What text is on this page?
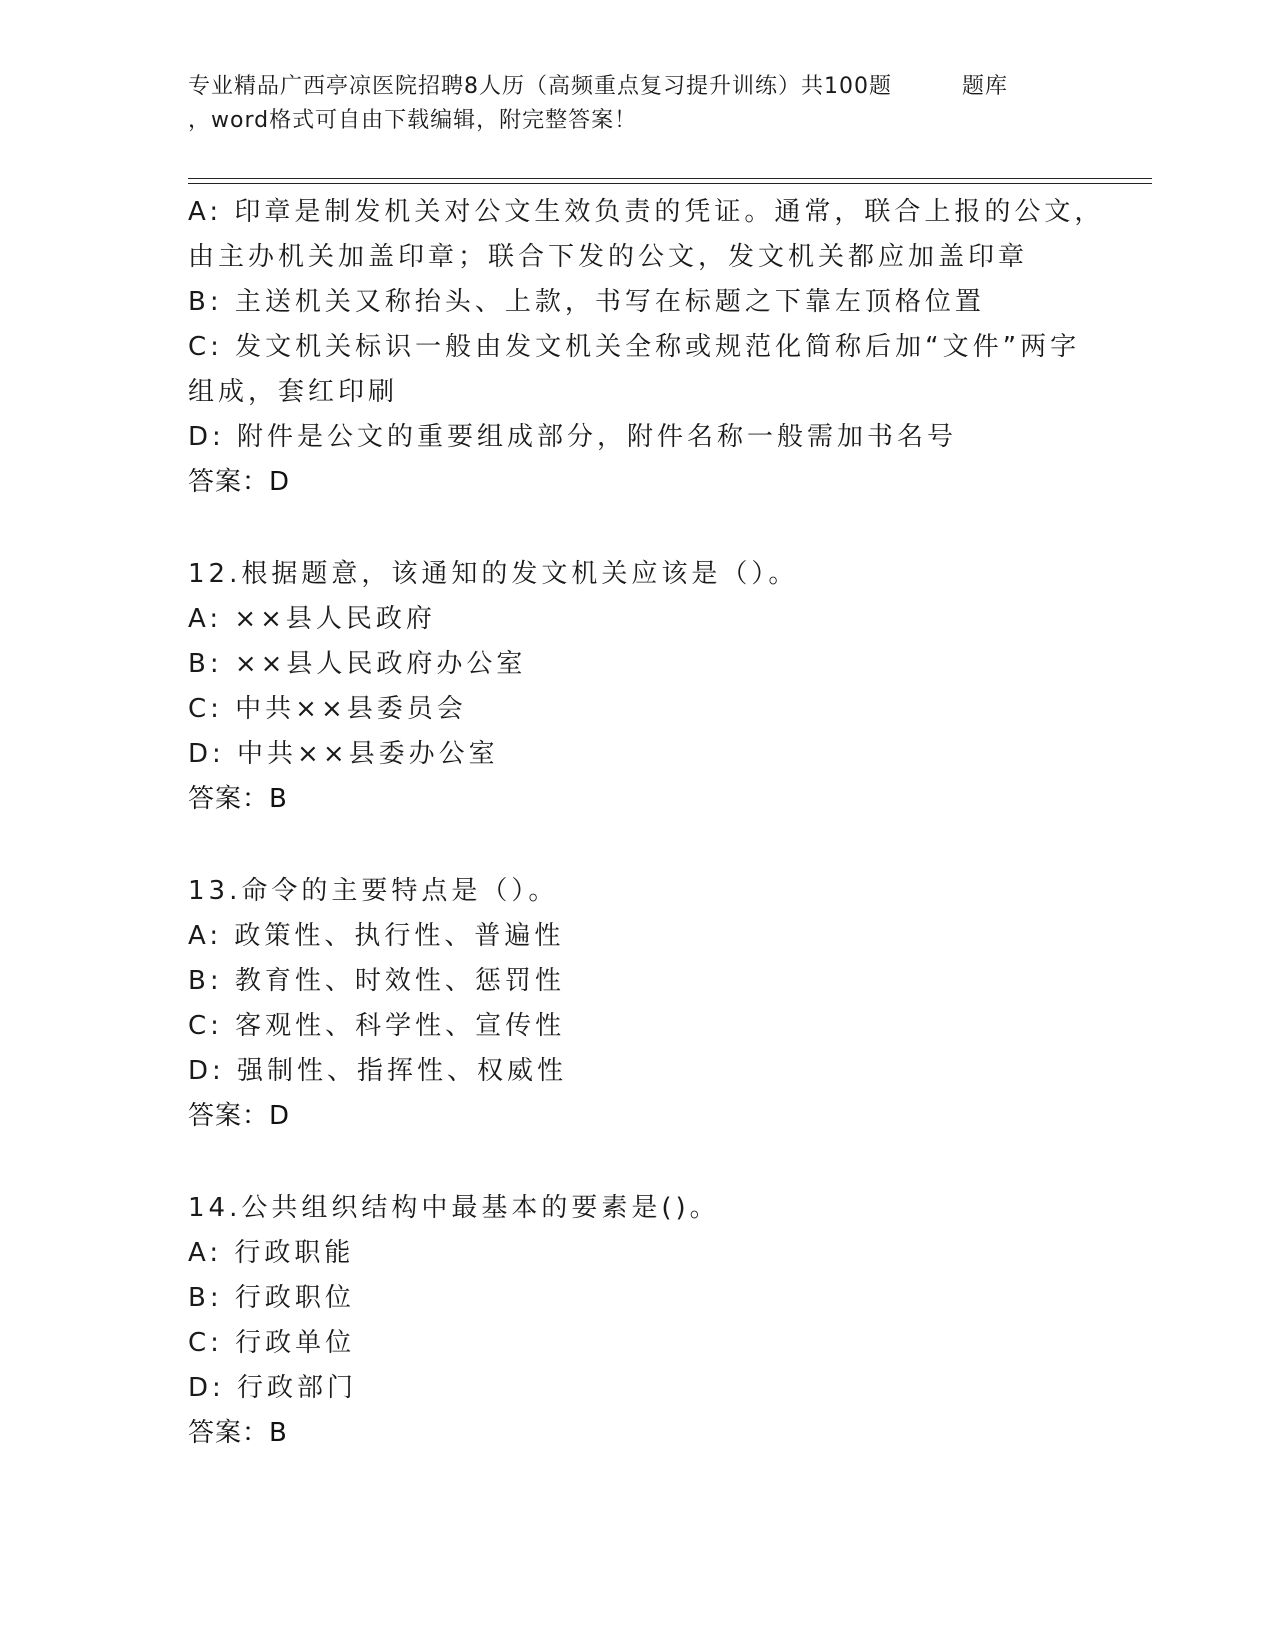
专业精品广西亭凉医院招聘8人历（高频重点复习提升训练）共100题	题库
，word格式可自由下载编辑，附完整答案！
A: 印章是制发机关对公文生效负责的凭证。通常，联合上报的公文，
由主办机关加盖印章；联合下发的公文，发文机关都应加盖印章
B: 主送机关又称抬头、上款，书写在标题之下靠左顶格位置
C: 发文机关标识一般由发文机关全称或规范化简称后加“文件”两字
组成，套红印刷
D: 附件是公文的重要组成部分，附件名称一般需加书名号
答案：D
12.根据题意，该通知的发文机关应该是（）。
A: ××县人民政府
B: ××县人民政府办公室
C: 中共××县委员会
D: 中共××县委办公室
答案：B
13.命令的主要特点是（）。
A: 政策性、执行性、普遍性
B: 教育性、时效性、惩罚性
C: 客观性、科学性、宣传性
D: 强制性、指挥性、权威性
答案：D
14.公共组织结构中最基本的要素是()。
A: 行政职能
B: 行政职位
C: 行政单位
D: 行政部门
答案：B
